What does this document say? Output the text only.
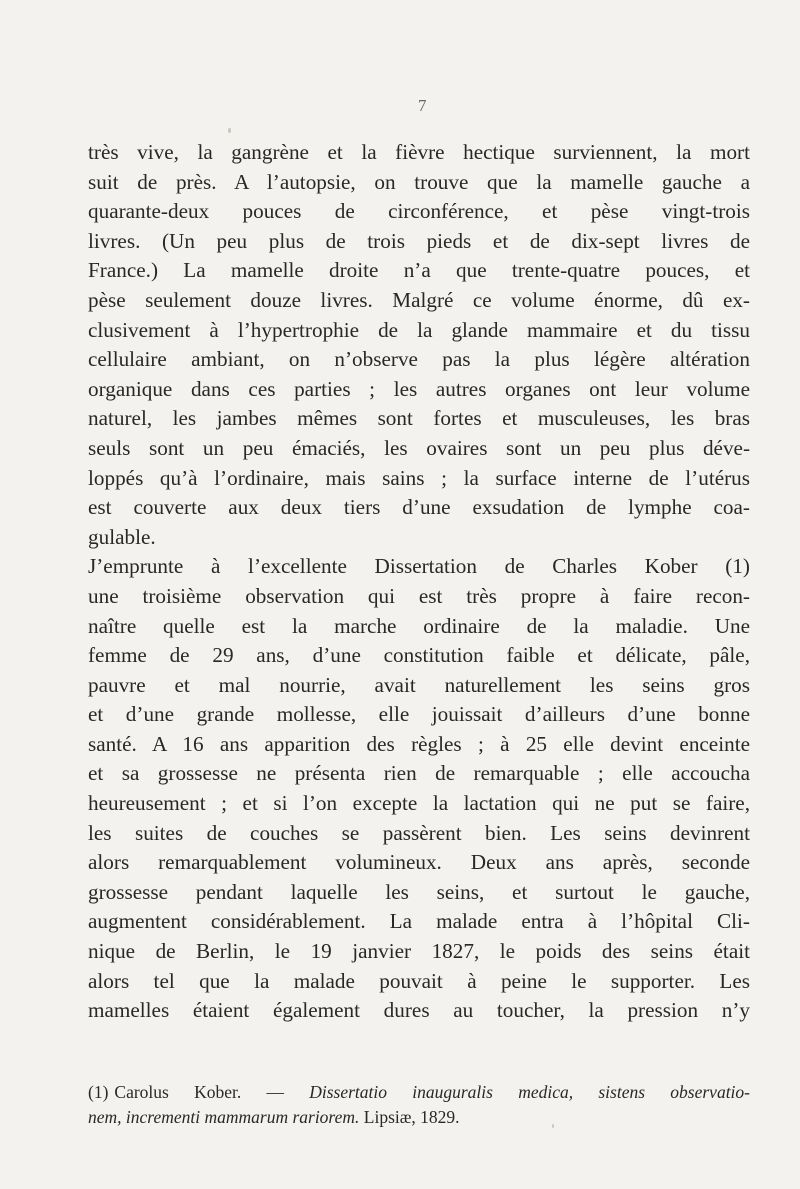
7
très vive, la gangrène et la fièvre hectique surviennent, la mort
suit de près. A l’autopsie, on trouve que la mamelle gauche a
quarante-deux pouces de circonférence, et pèse vingt-trois
livres. (Un peu plus de trois pieds et de dix-sept livres de
France.) La mamelle droite n’a que trente-quatre pouces, et
pèse seulement douze livres. Malgré ce volume énorme, dû ex-
clusivement à l’hypertrophie de la glande mammaire et du tissu
cellulaire ambiant, on n’observe pas la plus légère altération
organique dans ces parties ; les autres organes ont leur volume
naturel, les jambes mêmes sont fortes et musculeuses, les bras
seuls sont un peu émaciés, les ovaires sont un peu plus déve-
loppés qu’à l’ordinaire, mais sains ; la surface interne de l’utérus
est couverte aux deux tiers d’une exsudation de lymphe coa-
gulable.
J’emprunte à l’excellente Dissertation de Charles Kober (1)
une troisième observation qui est très propre à faire recon-
naître quelle est la marche ordinaire de la maladie. Une
femme de 29 ans, d’une constitution faible et délicate, pâle,
pauvre et mal nourrie, avait naturellement les seins gros
et d’une grande mollesse, elle jouissait d’ailleurs d’une bonne
santé. A 16 ans apparition des règles ; à 25 elle devint enceinte
et sa grossesse ne présenta rien de remarquable ; elle accoucha
heureusement ; et si l’on excepte la lactation qui ne put se faire,
les suites de couches se passèrent bien. Les seins devinrent
alors remarquablement volumineux. Deux ans après, seconde
grossesse pendant laquelle les seins, et surtout le gauche,
augmentent considérablement. La malade entra à l’hôpital Cli-
nique de Berlin, le 19 janvier 1827, le poids des seins était
alors tel que la malade pouvait à peine le supporter. Les
mamelles étaient également dures au toucher, la pression n’y
(1) Carolus Kober. — Dissertatio inauguralis medica, sistens observatio-
nem, incrementi mammarum rariorem. Lipsiæ, 1829.
